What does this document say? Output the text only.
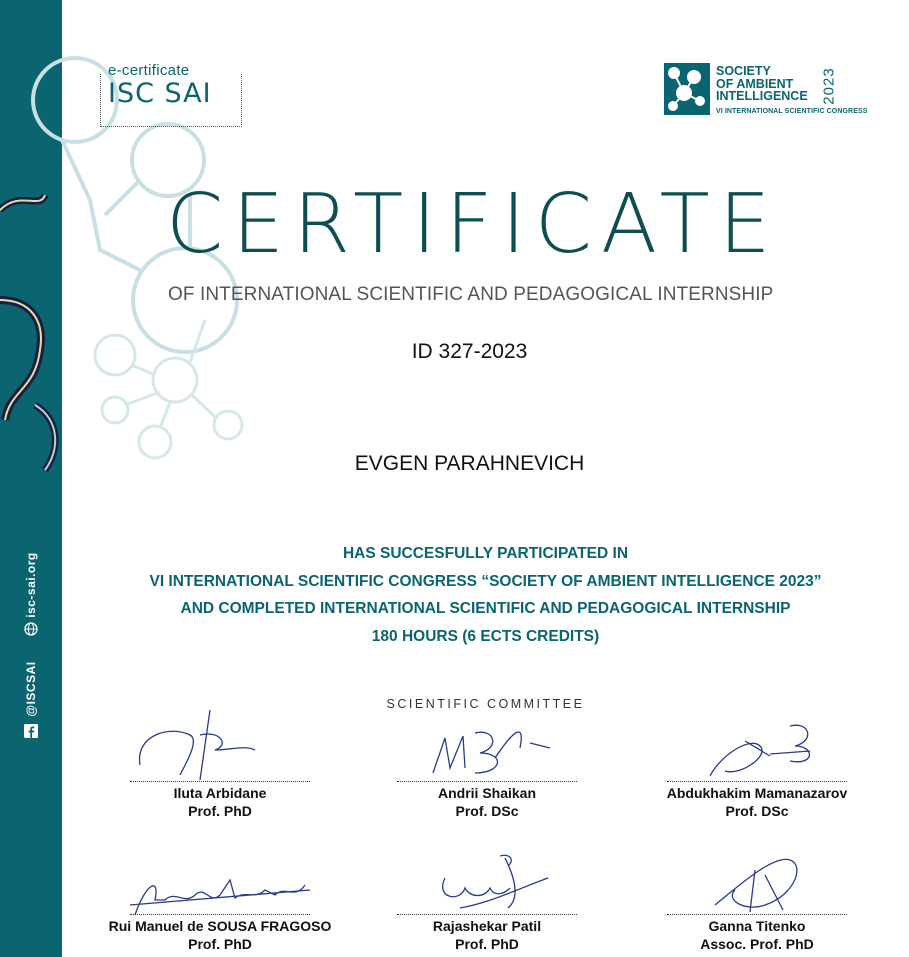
isc-sai.org
@ISCSAI
e-certificate
ISC SAI
SOCIETY
OF AMBIENT
INTELLIGENCE
VI INTERNATIONAL SCIENTIFIC CONGRESS
2023
CERTIFICATE
OF INTERNATIONAL SCIENTIFIC AND PEDAGOGICAL INTERNSHIP
ID 327-2023
EVGEN PARAHNEVICH
HAS SUCCESFULLY PARTICIPATED IN
VI INTERNATIONAL SCIENTIFIC CONGRESS “SOCIETY OF AMBIENT INTELLIGENCE 2023”
AND COMPLETED INTERNATIONAL SCIENTIFIC AND PEDAGOGICAL INTERNSHIP
180 HOURS (6 ECTS CREDITS)
SCIENTIFIC COMMITTEE
Iluta Arbidane
Prof. PhD
Andrii Shaikan
Prof. DSc
Abdukhakim Mamanazarov
Prof. DSc
Rui Manuel de SOUSA FRAGOSO
Prof. PhD
Rajashekar Patil
Prof. PhD
Ganna Titenko
Assoc. Prof. PhD
